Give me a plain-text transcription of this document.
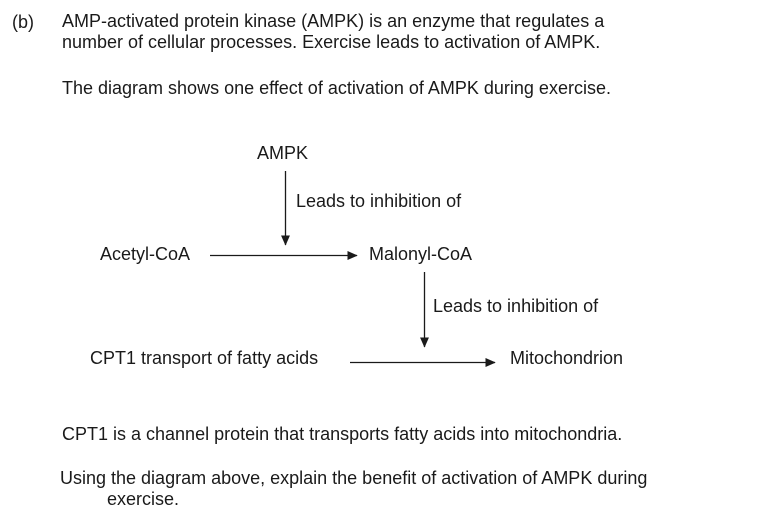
(b) AMP-activated protein kinase (AMPK) is an enzyme that regulates a
number of cellular processes. Exercise leads to activation of AMPK.
The diagram shows one effect of activation of AMPK during exercise.
AMPK
Leads to inhibition of
Acetyl-CoA	Malonyl-CoA
Leads to inhibition of
CPT1 transport of fatty acids	Mitochondrion
CPT1 is a channel protein that transports fatty acids into mitochondria.
Using the diagram above, explain the benefit of activation of AMPK during
exercise.
